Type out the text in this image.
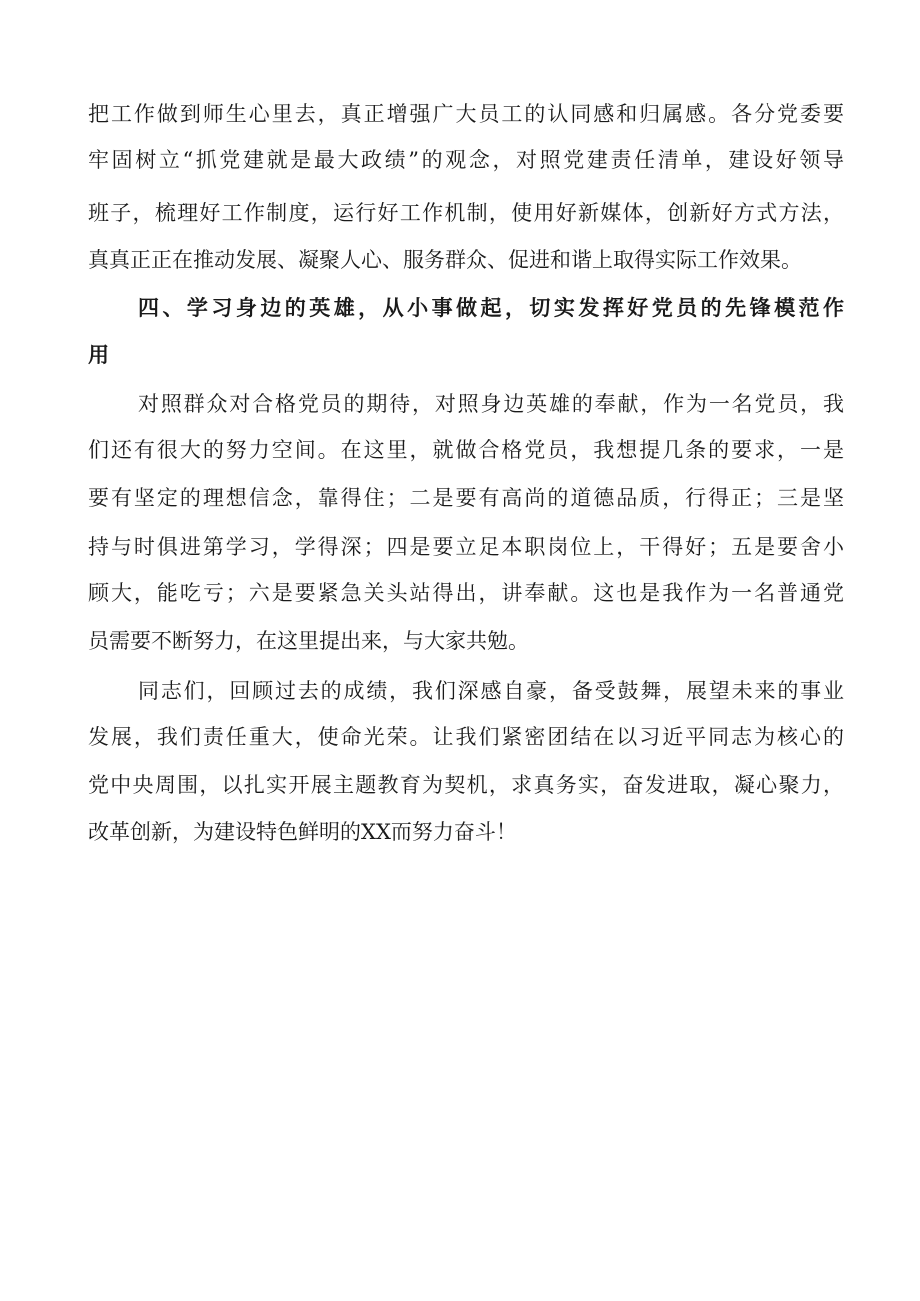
把工作做到师生心里去，真正增强广大员工的认同感和归属感。各分党委要
牢固树立“抓党建就是最大政绩”的观念，对照党建责任清单，建设好领导
班子，梳理好工作制度，运行好工作机制，使用好新媒体，创新好方式方法，
真真正正在推动发展、凝聚人心、服务群众、促进和谐上取得实际工作效果。
四、学习身边的英雄，从小事做起，切实发挥好党员的先锋模范作
用
对照群众对合格党员的期待，对照身边英雄的奉献，作为一名党员，我
们还有很大的努力空间。在这里，就做合格党员，我想提几条的要求，一是
要有坚定的理想信念，靠得住；二是要有高尚的道德品质，行得正；三是坚
持与时俱进第学习，学得深；四是要立足本职岗位上，干得好；五是要舍小
顾大，能吃亏；六是要紧急关头站得出，讲奉献。这也是我作为一名普通党
员需要不断努力，在这里提出来，与大家共勉。
同志们，回顾过去的成绩，我们深感自豪，备受鼓舞，展望未来的事业
发展，我们责任重大，使命光荣。让我们紧密团结在以习近平同志为核心的
党中央周围，以扎实开展主题教育为契机，求真务实，奋发进取，凝心聚力，
改革创新，为建设特色鲜明的XX而努力奋斗！
